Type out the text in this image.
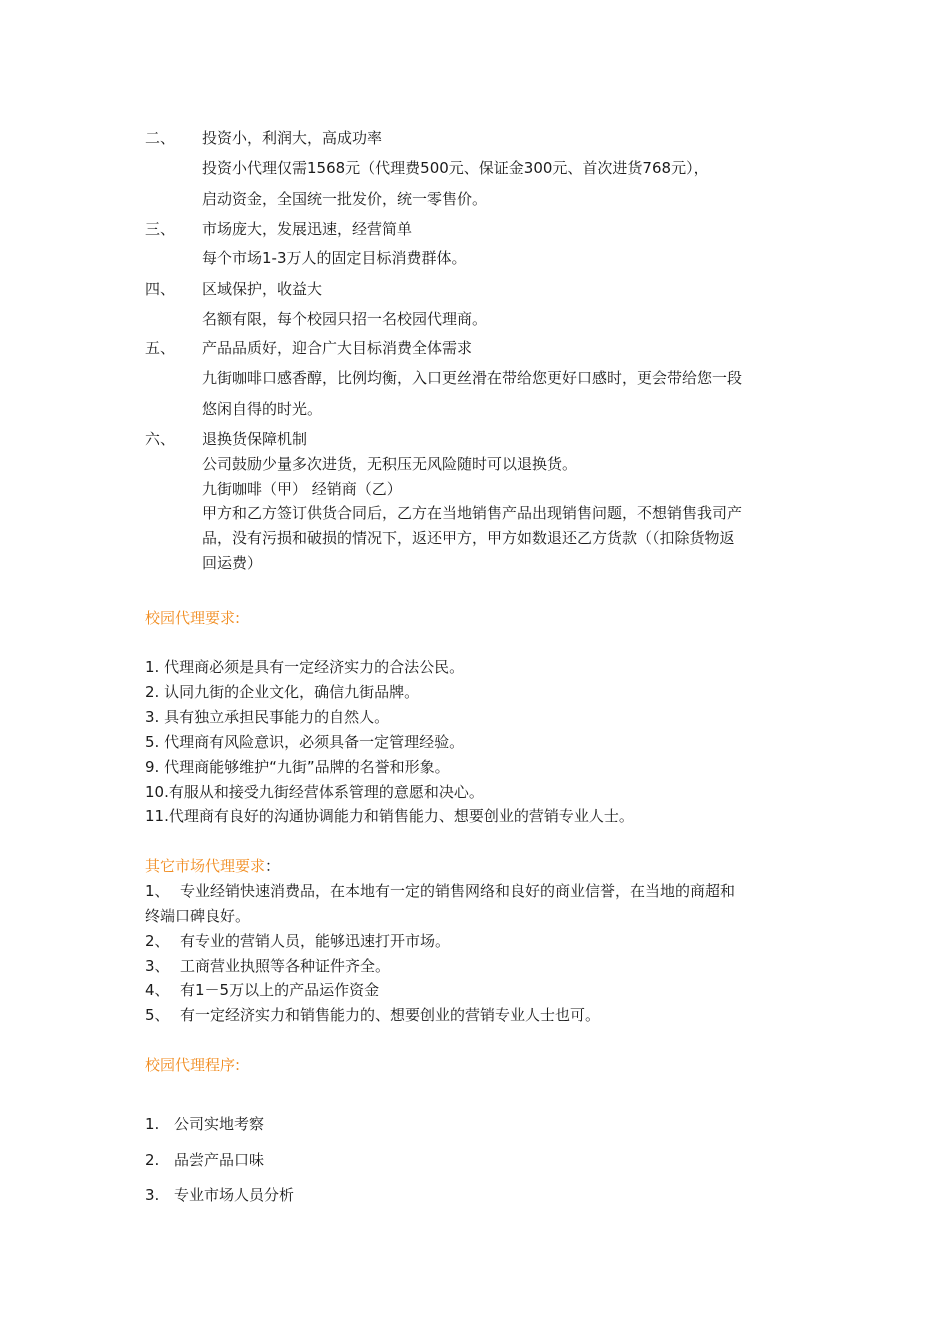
二、 投资小，利润大，高成功率
投资小代理仅需1568元（代理费500元、保证金300元、首次进货768元），
启动资金，全国统一批发价，统一零售价。
三、 市场庞大，发展迅速，经营简单
每个市场1-3万人的固定目标消费群体。
四、 区域保护，收益大
名额有限，每个校园只招一名校园代理商。
五、 产品品质好，迎合广大目标消费全体需求
九街咖啡口感香醇，比例均衡，入口更丝滑在带给您更好口感时，更会带给您一段
悠闲自得的时光。
六、 退换货保障机制
公司鼓励少量多次进货，无积压无风险随时可以退换货。
九街咖啡（甲） 经销商（乙）
甲方和乙方签订供货合同后，乙方在当地销售产品出现销售问题，不想销售我司产
品，没有污损和破损的情况下，返还甲方，甲方如数退还乙方货款（（扣除货物返
回运费）
校园代理要求:
1. 代理商必须是具有一定经济实力的合法公民。
2. 认同九街的企业文化，确信九街品牌。
3. 具有独立承担民事能力的自然人。
5. 代理商有风险意识，必须具备一定管理经验。
9. 代理商能够维护“九街”品牌的名誉和形象。
10.有服从和接受九街经营体系管理的意愿和决心。
11.代理商有良好的沟通协调能力和销售能力、想要创业的营销专业人士。
其它市场代理要求：
1、 专业经销快速消费品，在本地有一定的销售网络和良好的商业信誉，在当地的商超和
终端口碑良好。
2、 有专业的营销人员，能够迅速打开市场。
3、 工商营业执照等各种证件齐全。
4、 有1－5万以上的产品运作资金
5、 有一定经济实力和销售能力的、想要创业的营销专业人士也可。
校园代理程序:
1. 公司实地考察
2. 品尝产品口味
3. 专业市场人员分析
